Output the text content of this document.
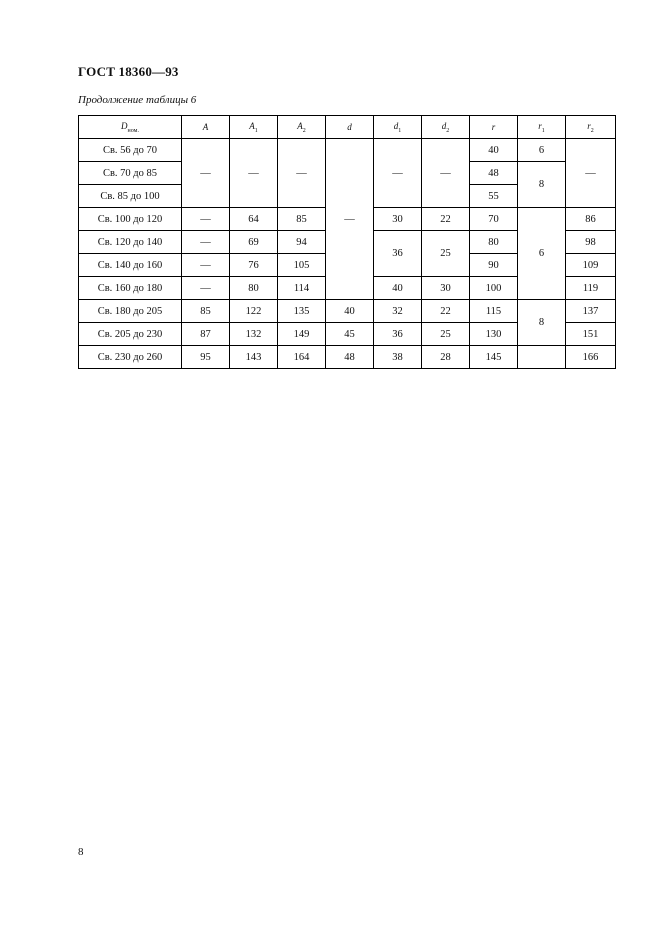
ГОСТ 18360—93
Продолжение таблицы 6
$D_{ном.}$	A	$A_1$	$A_2$	d	$d_1$	$d_2$	r	$r_1$	$r_2$
Св. 56 до 70	—	—	—	—	—	—	40	6	—
Св. 70 до 85							48	8	
Св. 85 до 100							55		
Св. 100 до 120	—	64	85		30	22	70	6	86
Св. 120 до 140	—	69	94		36	25	80		98
Св. 140 до 160	—	76	105				90		109
Св. 160 до 180	—	80	114		40	30	100		119
Св. 180 до 205	85	122	135	40	32	22	115	8	137
Св. 205 до 230	87	132	149	45	36	25	130		151
Св. 230 до 260	95	143	164	48	38	28	145		166
8
